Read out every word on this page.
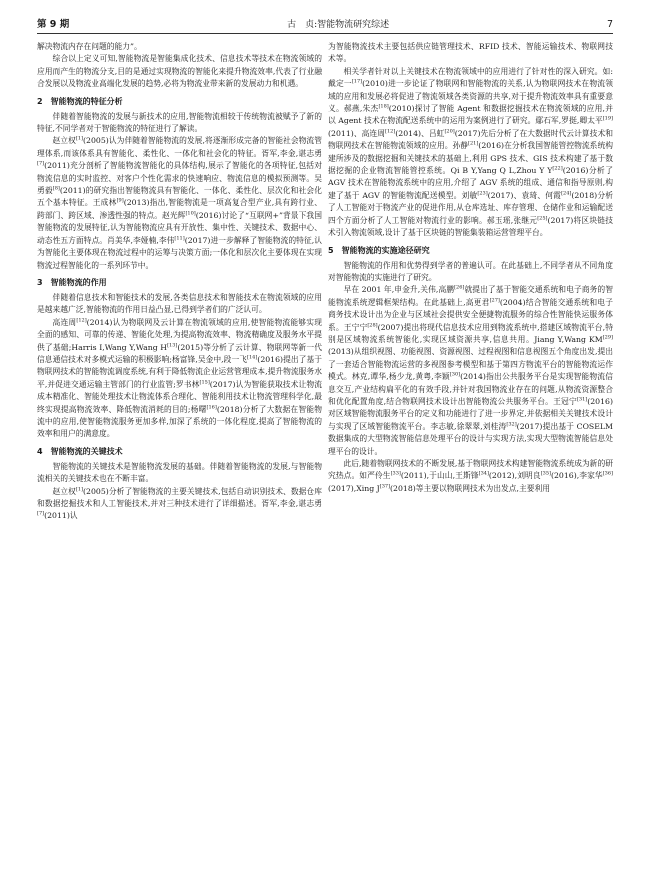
第 9 期	古　贞:智能物流研究综述	7

解决物流内存在问题的能力”。

综合以上定义可知,智能物流是智能集成化技术、信息技术等技术在物流领域的应用而产生的物流分支,目的是通过实现物流的智能化来提升物流效率,代表了行业融合发展以及物流业高端化发展的趋势,必将为物流业带来新的发展动力和机遇。

2　智能物流的特征分析

伴随着智能物流的发展与新技术的应用,智能物流相较于传统物流被赋予了新的特征,不同学者对于智能物流的特征进行了解读。

赵立权[1](2005)认为伴随着智能物流的发展,将逐渐形成完备的智能社会物流管理体系,而该体系具有智能化、柔性化、一体化和社会化的特征。胥军,李金,谌志勇[7](2011)充分剖析了智能物流智能化的具体结构,展示了智能化的各项特征,包括对物流信息的实时监控、对客户个性化需求的快速响应、物流信息的模拟预测等。吴勇毅[8](2011)的研究指出智能物流具有智能化、一体化、柔性化、层次化和社会化五个基本特征。王成林[9](2013)指出,智能物流是一项高复合型产业,具有跨行业、跨部门、跨区域、渗透性强的特点。赵光辉[10](2016)讨论了“互联网+”背景下我国智能物流的发展特征,认为智能物流应具有开放性、集中性、关键技术、数据中心、动态性五方面特点。肖美华,李娅楠,李伟[11](2017)进一步解释了智能物流的特征,认为智能化主要体现在物流过程中的运筹与决策方面;一体化和层次化主要体现在实现物流过程智能化的一系列环节中。

3　智能物流的作用

伴随着信息技术和智能技术的发展,各类信息技术和智能技术在物流领域的应用是越来越广泛,智能物流的作用日益凸显,已得到学者们的广泛认可。

高连周[12](2014)认为物联网及云计算在物流领域的应用,使智能物流能够实现全面的感知、可靠的传递、智能化处理,为提高物流效率、物流精确度及服务水平提供了基础;Harris I,Wang Y,Wang H[13](2015)等分析了云计算、物联网等新一代信息通信技术对多模式运输的积极影响;杨富锋,吴金中,段一飞[14](2016)提出了基于物联网技术的智能物流调度系统,有利于降低物流企业运营管理成本,提升物流服务水平,并促进交通运输主管部门的行业监管;罗书林[15](2017)认为智能获取技术让物流成本精准化、智能处理技术让物流体系合理化、智能利用技术让物流管理科学化,最终实现提高物流效率、降低物流消耗的目的;杨曙[16](2018)分析了大数据在智能物流中的应用,使智能物流服务更加多样,加深了系统的一体化程度,提高了智能物流的效率和用户的满意度。

4　智能物流的关键技术

智能物流的关键技术是智能物流发展的基础。伴随着智能物流的发展,与智能物流相关的关键技术也在不断丰富。

赵立权[1](2005)分析了智能物流的主要关键技术,包括自动识别技术、数据仓库和数据挖掘技术和人工智能技术,并对三种技术进行了详细描述。胥军,李金,谌志勇[7](2011)认

为智能物流技术主要包括供应链管理技术、RFID 技术、智能运输技术、物联网技术等。

相关学者针对以上关键技术在物流领域中的应用进行了针对性的深入研究。如:戴定一[17](2010)进一步论证了物联网和智能物流的关系,认为物联网技术在物流领域的应用和发展必将促进了物流领域各类资源的共享,对于提升物流效率具有重要意义。郝燕,朱杰[18](2010)探讨了智能 Agent 和数据挖掘技术在物流领域的应用,并以 Agent 技术在物流配送系统中的运用为案例进行了研究。鄢石军,罗挺,卿太平[19](2011)、高连周[12](2014)、吕虹[20](2017)先后分析了在大数据时代云计算技术和物联网技术在智能物流领域的应用。孙静[21](2016)在分析我国智能管控物流系统构建所涉及的数据挖掘和关键技术的基础上,利用 GPS 技术、GIS 技术构建了基于数据挖掘的企业物流智能管控系统。Qi B Y,Yang Q L,Zhou Y Y[22](2016)分析了 AGV 技术在智能物流系统中的应用,介绍了 AGV 系统的组成、通信和指导原则,构建了基于 AGV 的智能物流配送模型。刘敏[23](2017)、袁琦、何霞[24](2018)分析了人工智能对于物流产业的促进作用,从仓库选址、库存管理、仓储作业和运输配送四个方面分析了人工智能对物流行业的影响。郝玉瑶,张继元[25](2017)将区块链技术引入物流领域,设计了基于区块链的智能集装箱运营管理平台。

5　智能物流的实施途径研究

智能物流的作用和优势得到学者的普遍认可。在此基础上,不同学者从不同角度对智能物流的实施进行了研究。

早在 2001 年,申金升,关伟,高鹏[26]就提出了基于智能交通系统和电子商务的智能物流系统逻辑框架结构。在此基础上,高更君[27](2004)结合智能交通系统和电子商务技术设计出为企业与区域社会提供安全便捷物流服务的综合性智能快运服务体系。王宁宁[28](2007)提出将现代信息技术应用到物流系统中,搭建区域物流平台,特别是区域物流系统智能化,实现区域资源共享,信息共用。Jiang Y,Wang KM[29](2013)从组织视图、功能视图、资源视图、过程视图和信息视图五个角度出发,提出了一套适合智能物流运营的多视图参考模型和基于第四方物流平台的智能物流运作模式。林克,谭华,杨少龙,黄粤,李颖[30](2014)指出公共服务平台是实现智能物流信息交互,产业结构扁平化的有效手段,并针对我国物流业存在的问题,从物流资源整合和优化配置角度,结合物联网技术设计出智能物流公共服务平台。王冠宁[31](2016)对区域智能物流服务平台的定义和功能进行了进一步界定,并依据相关关键技术设计与实现了区域智能物流平台。李志敏,徐翠翠,刘桂涛[32](2017)提出基于 COSELM 数据集成的大型物流智能信息处理平台的设计与实现方法,实现大型物流智能信息处理平台的设计。

此后,随着物联网技术的不断发展,基于物联网技术构建智能物流系统成为新的研究热点。如严伶生[33](2011),于山山,王斯锋[34](2012),刘明良[35](2016),李家华[36](2017),Xing J[37](2018)等主要以物联网技术为出发点,主要利用
